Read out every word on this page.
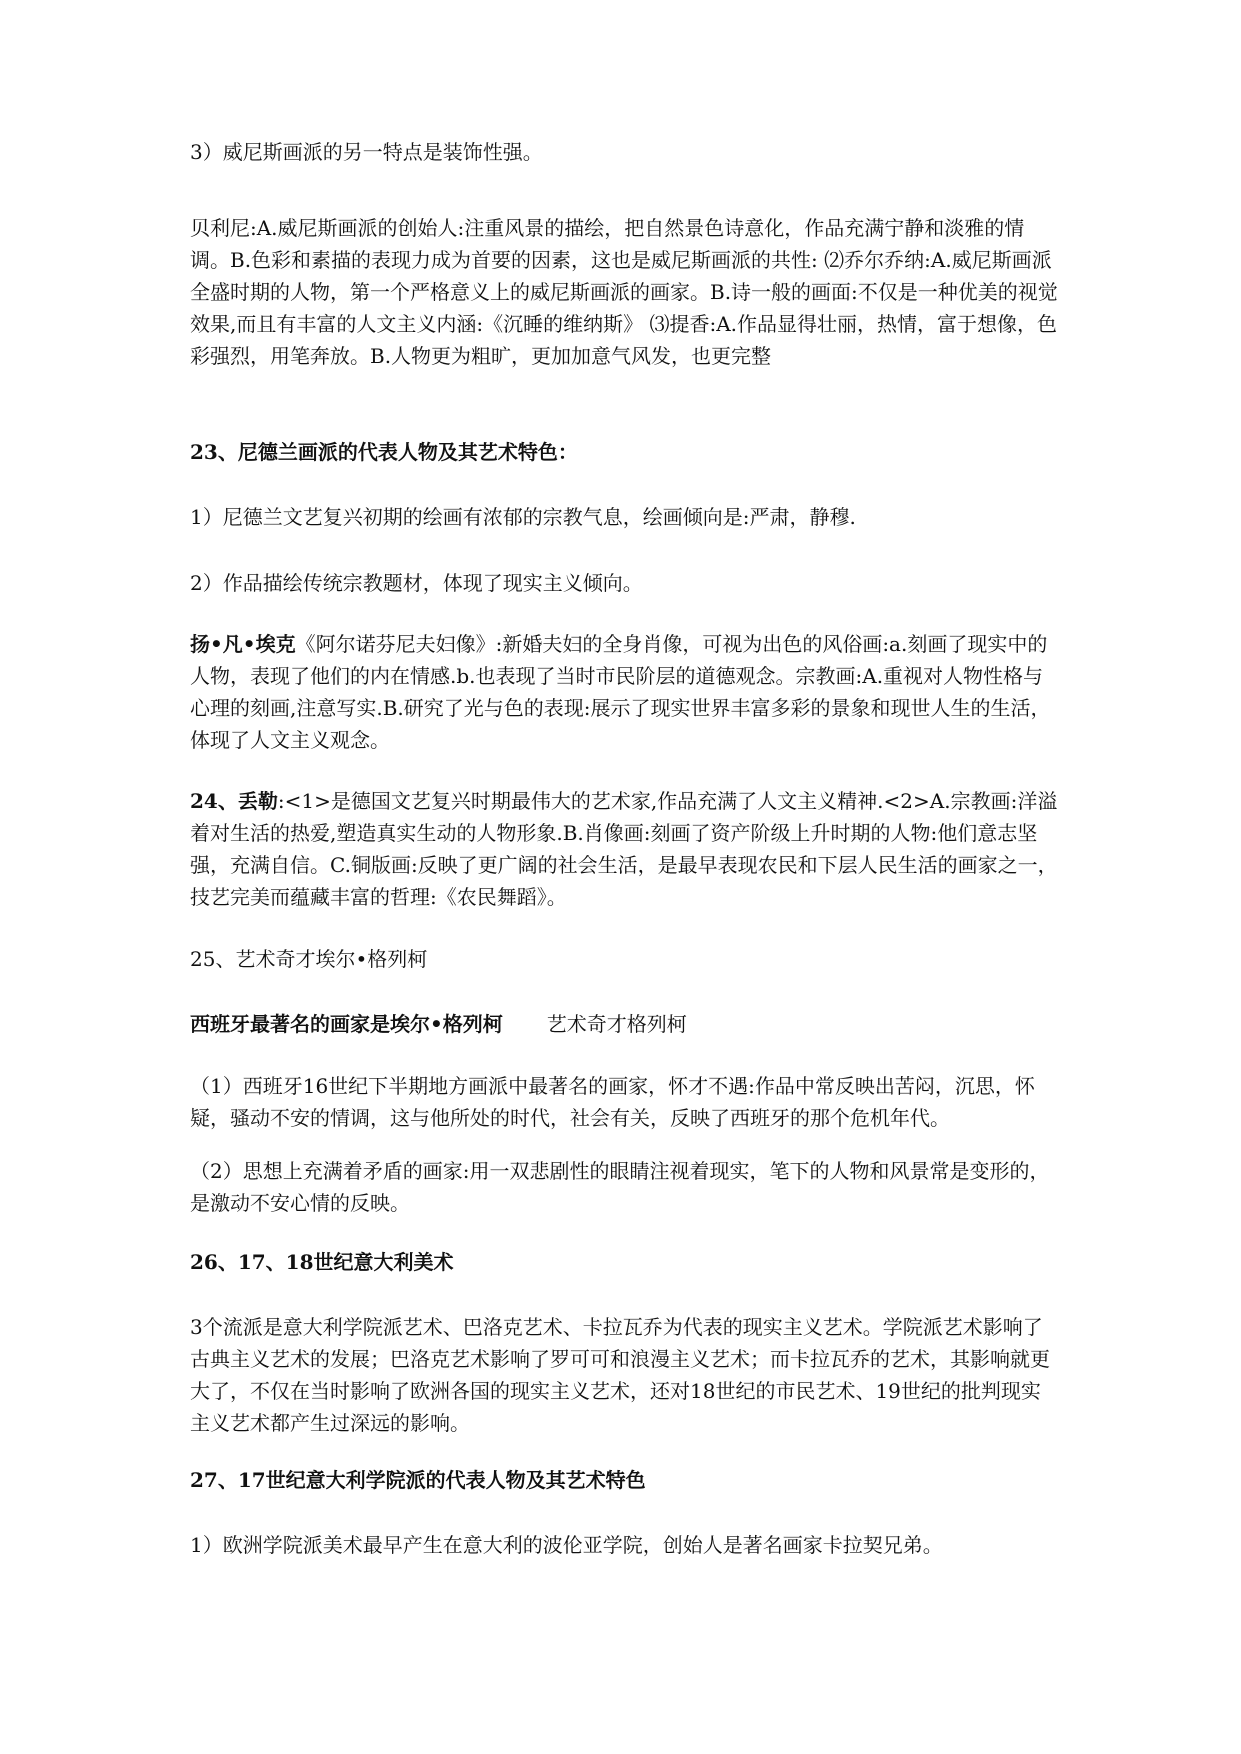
3）威尼斯画派的另一特点是装饰性强。

贝利尼:A.威尼斯画派的创始人:注重风景的描绘，把自然景色诗意化，作品充满宁静和淡雅的情调。B.色彩和素描的表现力成为首要的因素，这也是威尼斯画派的共性: ⑵乔尔乔纳:A.威尼斯画派全盛时期的人物，第一个严格意义上的威尼斯画派的画家。B.诗一般的画面:不仅是一种优美的视觉效果,而且有丰富的人文主义内涵:《沉睡的维纳斯》 ⑶提香:A.作品显得壮丽，热情，富于想像，色彩强烈，用笔奔放。B.人物更为粗旷，更加加意气风发，也更完整

23、尼德兰画派的代表人物及其艺术特色：

1）尼德兰文艺复兴初期的绘画有浓郁的宗教气息，绘画倾向是:严肃，静穆.

2）作品描绘传统宗教题材，体现了现实主义倾向。

扬•凡•埃克《阿尔诺芬尼夫妇像》:新婚夫妇的全身肖像，可视为出色的风俗画:a.刻画了现实中的人物，表现了他们的内在情感.b.也表现了当时市民阶层的道德观念。宗教画:A.重视对人物性格与心理的刻画,注意写实.B.研究了光与色的表现:展示了现实世界丰富多彩的景象和现世人生的生活，体现了人文主义观念。

24、丢勒:<1>是德国文艺复兴时期最伟大的艺术家,作品充满了人文主义精神.<2>A.宗教画:洋溢着对生活的热爱,塑造真实生动的人物形象.B.肖像画:刻画了资产阶级上升时期的人物:他们意志坚强，充满自信。C.铜版画:反映了更广阔的社会生活，是最早表现农民和下层人民生活的画家之一，技艺完美而蕴藏丰富的哲理:《农民舞蹈》。

25、艺术奇才埃尔•格列柯

西班牙最著名的画家是埃尔•格列柯 艺术奇才格列柯

（1）西班牙16世纪下半期地方画派中最著名的画家，怀才不遇:作品中常反映出苦闷，沉思，怀疑，骚动不安的情调，这与他所处的时代，社会有关，反映了西班牙的那个危机年代。

（2）思想上充满着矛盾的画家:用一双悲剧性的眼睛注视着现实，笔下的人物和风景常是变形的，是激动不安心情的反映。

26、17、18世纪意大利美术

3个流派是意大利学院派艺术、巴洛克艺术、卡拉瓦乔为代表的现实主义艺术。学院派艺术影响了古典主义艺术的发展；巴洛克艺术影响了罗可可和浪漫主义艺术；而卡拉瓦乔的艺术，其影响就更大了，不仅在当时影响了欧洲各国的现实主义艺术，还对18世纪的市民艺术、19世纪的批判现实主义艺术都产生过深远的影响。

27、17世纪意大利学院派的代表人物及其艺术特色

1）欧洲学院派美术最早产生在意大利的波伦亚学院，创始人是著名画家卡拉契兄弟。
